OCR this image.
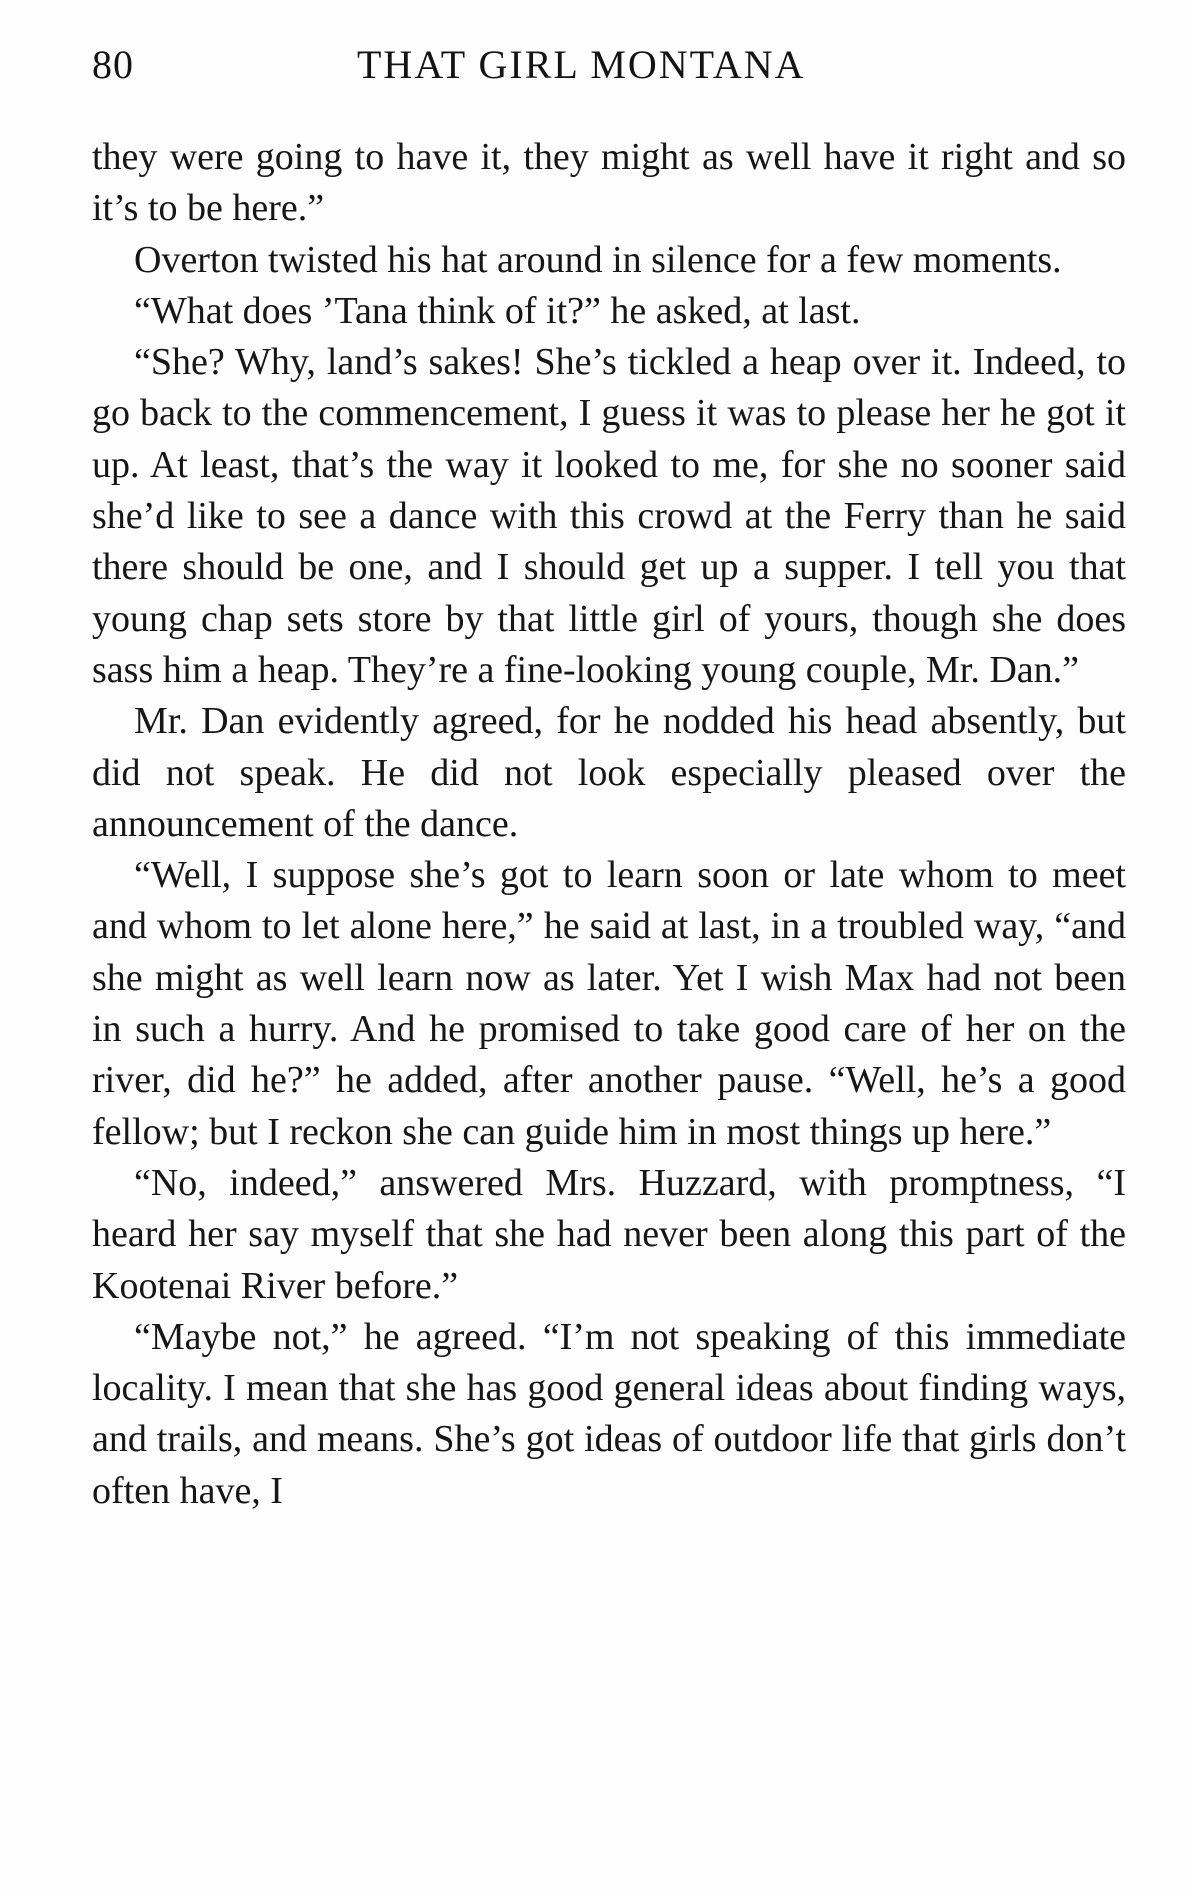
80	THAT GIRL MONTANA

they were going to have it, they might as well have it right and so it’s to be here.”

Overton twisted his hat around in silence for a few moments.

“What does ’Tana think of it?” he asked, at last.

“She? Why, land’s sakes! She’s tickled a heap over it. Indeed, to go back to the commencement, I guess it was to please her he got it up. At least, that’s the way it looked to me, for she no sooner said she’d like to see a dance with this crowd at the Ferry than he said there should be one, and I should get up a supper. I tell you that young chap sets store by that little girl of yours, though she does sass him a heap. They’re a fine-looking young couple, Mr. Dan.”

Mr. Dan evidently agreed, for he nodded his head absently, but did not speak. He did not look especially pleased over the announcement of the dance.

“Well, I suppose she’s got to learn soon or late whom to meet and whom to let alone here,” he said at last, in a troubled way, “and she might as well learn now as later. Yet I wish Max had not been in such a hurry. And he promised to take good care of her on the river, did he?” he added, after another pause. “Well, he’s a good fellow; but I reckon she can guide him in most things up here.”

“No, indeed,” answered Mrs. Huzzard, with promptness, “I heard her say myself that she had never been along this part of the Kootenai River before.”

“Maybe not,” he agreed. “I’m not speaking of this immediate locality. I mean that she has good general ideas about finding ways, and trails, and means. She’s got ideas of outdoor life that girls don’t often have, I
